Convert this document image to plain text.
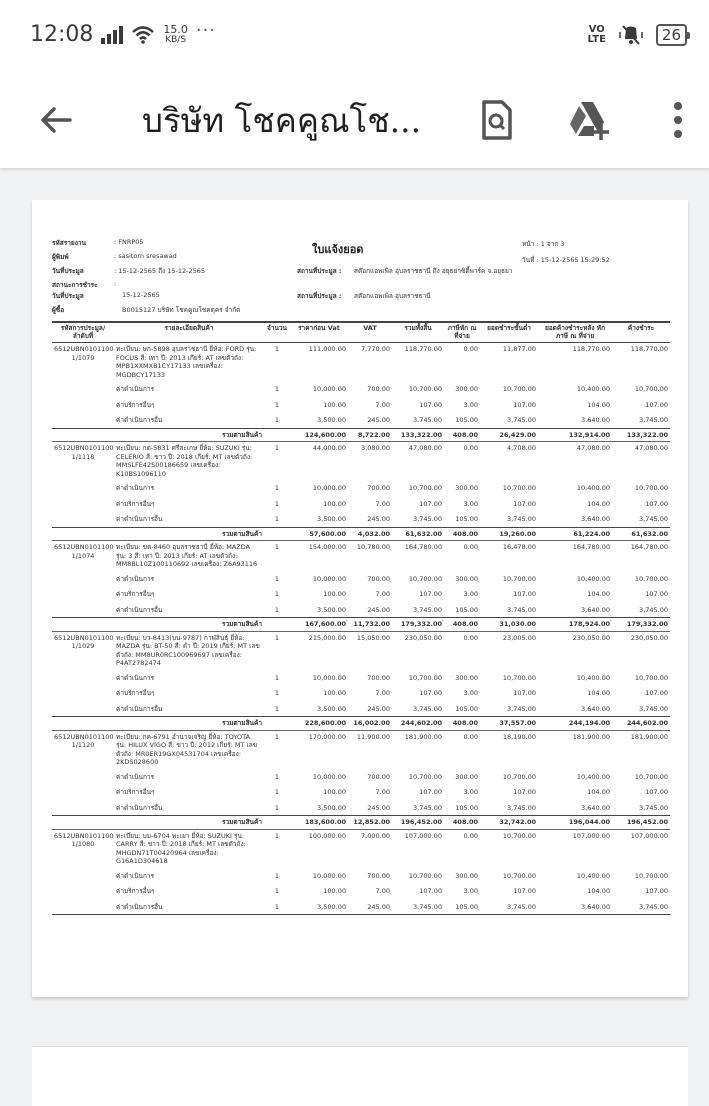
12:08	15.0
KB/S ···	VO
LTE	26
บริษัท โชคคูณโช...
รหัสรายงาน	: FNRP05
ใบแจ้งยอด	หน้า : 1 จาก 3
ผู้พิมพ์	: sasitorn sresawad	วันที่ : 15-12-2565 15:29:52
วันที่ประมูล	: 15-12-2565 ถึง 15-12-2565	สถานที่ประมูล : สต๊อกแอพเพิล อุบลราชธานี ถึง อยุธยาซิตี้พาร์ค จ.อยุธยา
สถานะการชำระ	:
วันที่ประมูล	15-12-2565	สถานที่ประมูล : สต๊อกแอพเพิล อุบลราชธานี
ผู้ซื้อ	B0015127 บริษัท โชคคูณโชคดุคร จำกัด
รหัสการประมูล/ ลำดับที่	รายละเอียดสินค้า	จำนวน	ราคาก่อน Vat	VAT	รวมทั้งสิ้น	ภาษีหัก ณ ที่จ่าย	ยอดชำระขั้นต่ำ	ยอดค้างชำระหลัง หักภาษี ณ ที่จ่าย	ค้างชำระ
6512UBN0101100 1/1079	ทะเบียน: ษก-5898 อุบลราชธานี ยี่ห้อ: FORD รุ่น: FOCUS สี: เทา ปี: 2013 เกียร์: AT เลขตัวถัง: MPB1XXMXB1CY17133 เลขเครื่อง: MGDBCY17133	1	111,000.00	7,770.00	118,770.00	0.00	11,877.00	118,770.00	118,770.00
	ค่าดำเนินการ	1	10,000.00	700.00	10,700.00	300.00	10,700.00	10,400.00	10,700.00
	ค่าบริการอื่นๆ	1	100.00	7.00	107.00	3.00	107.00	104.00	107.00
	ค่าดำเนินการอื่น	1	3,500.00	245.00	3,745.00	105.00	3,745.00	3,640.00	3,745.00
	รวมตามสินค้า		124,600.00	8,722.00	133,322.00	408.00	26,429.00	132,914.00	133,322.00
6512UBN0101100 1/1118	ทะเบียน: กต-5831 ศรีสะเกษ ยี่ห้อ: SUZUKI รุ่น: CELERIO สี: ขาว ปี: 2018 เกียร์: MT เลขตัวถัง: MMSLFE42S00186659 เลขเครื่อง: K10BS1096110	1	44,000.00	3,080.00	47,080.00	0.00	4,708.00	47,080.00	47,080.00
	ค่าดำเนินการ	1	10,000.00	700.00	10,700.00	300.00	10,700.00	10,400.00	10,700.00
	ค่าบริการอื่นๆ	1	100.00	7.00	107.00	3.00	107.00	104.00	107.00
	ค่าดำเนินการอื่น	1	3,500.00	245.00	3,745.00	105.00	3,745.00	3,640.00	3,745.00
	รวมตามสินค้า		57,600.00	4,032.00	61,632.00	408.00	19,260.00	61,224.00	61,632.00
6512UBN0101100 1/1074	ทะเบียน: ขต-8460 อุบลราชธานี ยี่ห้อ: MAZDA รุ่น: 3 สี: เทา ปี: 2013 เกียร์: AT เลขตัวถัง: MM8BL10Z100110692 เลขเครื่อง: Z6A93116	1	154,000.00	10,780.00	164,780.00	0.00	16,478.00	164,780.00	164,780.00
	ค่าดำเนินการ	1	10,000.00	700.00	10,700.00	300.00	10,700.00	10,400.00	10,700.00
	ค่าบริการอื่นๆ	1	100.00	7.00	107.00	3.00	107.00	104.00	107.00
	ค่าดำเนินการอื่น	1	3,500.00	245.00	3,745.00	105.00	3,745.00	3,640.00	3,745.00
	รวมตามสินค้า		167,600.00	11,732.00	179,332.00	408.00	31,030.00	178,924.00	179,332.00
6512UBN0101100 1/1029	ทะเบียน: บว-8413(บน-9787) กาฬสินธุ์ ยี่ห้อ: MAZDA รุ่น: BT-50 สี: ดำ ปี: 2019 เกียร์: MT เลขตัวถัง: MM8UR0RC100969697 เลขเครื่อง: P4AT2782474	1	215,000.00	15,050.00	230,050.00	0.00	23,005.00	230,050.00	230,050.00
	ค่าดำเนินการ	1	10,000.00	700.00	10,700.00	300.00	10,700.00	10,400.00	10,700.00
	ค่าบริการอื่นๆ	1	100.00	7.00	107.00	3.00	107.00	104.00	107.00
	ค่าดำเนินการอื่น	1	3,500.00	245.00	3,745.00	105.00	3,745.00	3,640.00	3,745.00
	รวมตามสินค้า		228,600.00	16,002.00	244,602.00	408.00	37,557.00	244,194.00	244,602.00
6512UBN0101100 1/1120	ทะเบียน: กค-6791 อำนาจเจริญ ยี่ห้อ: TOYOTA รุ่น: HILUX VIGO สี: ขาว ปี: 2012 เกียร์: MT เลขตัวถัง: MR0ER19GX04531704 เลขเครื่อง: 2KDS028600	1	170,000.00	11,900.00	181,900.00	0.00	18,190.00	181,900.00	181,900.00
	ค่าดำเนินการ	1	10,000.00	700.00	10,700.00	300.00	10,700.00	10,400.00	10,700.00
	ค่าบริการอื่นๆ	1	100.00	7.00	107.00	3.00	107.00	104.00	107.00
	ค่าดำเนินการอื่น	1	3,500.00	245.00	3,745.00	105.00	3,745.00	3,640.00	3,745.00
	รวมตามสินค้า		183,600.00	12,852.00	196,452.00	408.00	32,742.00	196,044.00	196,452.00
6512UBN0101100 1/1080	ทะเบียน: บม-6704 พะเยา ยี่ห้อ: SUZUKI รุ่น: CARRY สี: ขาว ปี: 2018 เกียร์: MT เลขตัวถัง: MHGDN71T00420964 เลขเครื่อง: G16A1D304618	1	100,000.00	7,000.00	107,000.00	0.00	10,700.00	107,000.00	107,000.00
	ค่าดำเนินการ	1	10,000.00	700.00	10,700.00	300.00	10,700.00	10,400.00	10,700.00
	ค่าบริการอื่นๆ	1	100.00	7.00	107.00	3.00	107.00	104.00	107.00
	ค่าดำเนินการอื่น	1	3,500.00	245.00	3,745.00	105.00	3,745.00	3,640.00	3,745.00
